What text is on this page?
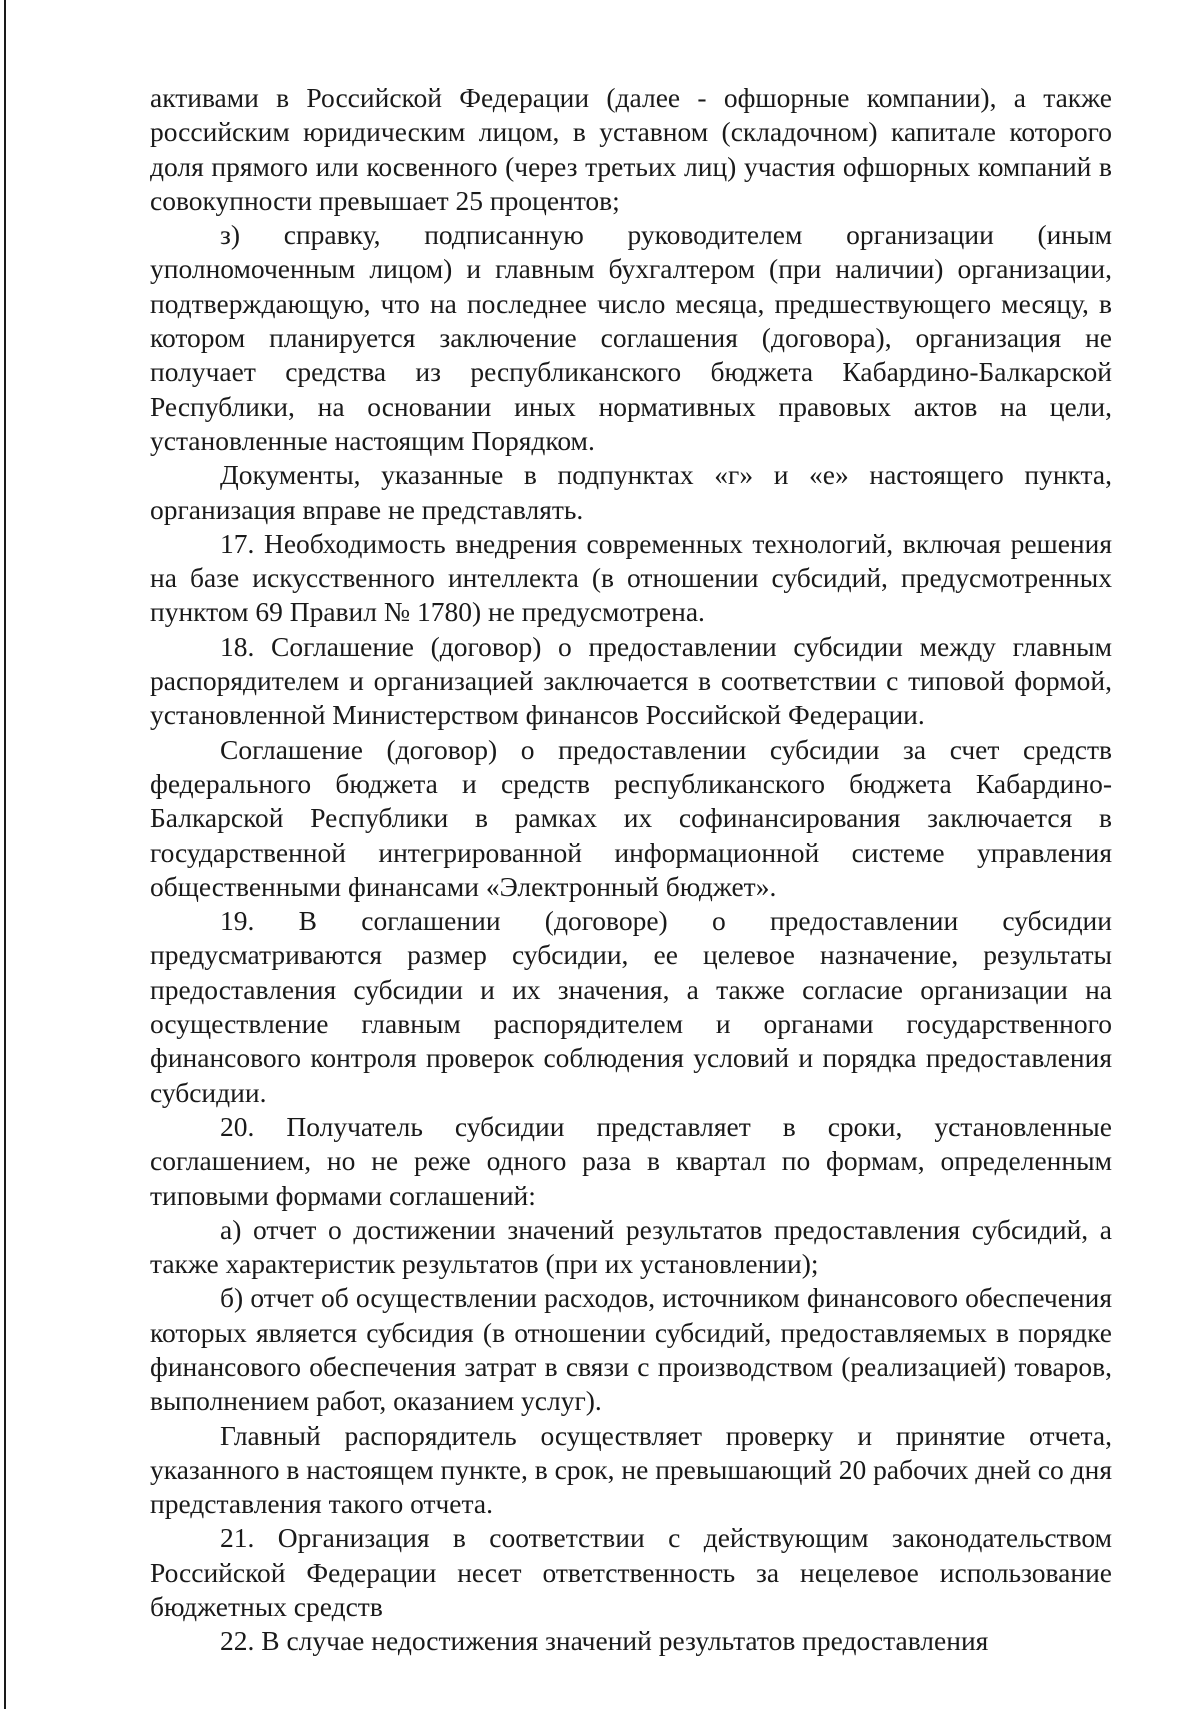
активами в Российской Федерации (далее - офшорные компании), а также российским юридическим лицом, в уставном (складочном) капитале которого доля прямого или косвенного (через третьих лиц) участия офшорных компаний в совокупности превышает 25 процентов;

з) справку, подписанную руководителем организации (иным уполномоченным лицом) и главным бухгалтером (при наличии) организации, подтверждающую, что на последнее число месяца, предшествующего месяцу, в котором планируется заключение соглашения (договора), организация не получает средства из республиканского бюджета Кабардино-Балкарской Республики, на основании иных нормативных правовых актов на цели, установленные настоящим Порядком.

Документы, указанные в подпунктах «г» и «е» настоящего пункта, организация вправе не представлять.

17. Необходимость внедрения современных технологий, включая решения на базе искусственного интеллекта (в отношении субсидий, предусмотренных пунктом 69 Правил № 1780) не предусмотрена.

18. Соглашение (договор) о предоставлении субсидии между главным распорядителем и организацией заключается в соответствии с типовой формой, установленной Министерством финансов Российской Федерации.

Соглашение (договор) о предоставлении субсидии за счет средств федерального бюджета и средств республиканского бюджета Кабардино-Балкарской Республики в рамках их софинансирования заключается в государственной интегрированной информационной системе управления общественными финансами «Электронный бюджет».

19. В соглашении (договоре) о предоставлении субсидии предусматриваются размер субсидии, ее целевое назначение, результаты предоставления субсидии и их значения, а также согласие организации на осуществление главным распорядителем и органами государственного финансового контроля проверок соблюдения условий и порядка предоставления субсидии.

20. Получатель субсидии представляет в сроки, установленные соглашением, но не реже одного раза в квартал по формам, определенным типовыми формами соглашений:

а) отчет о достижении значений результатов предоставления субсидий, а также характеристик результатов (при их установлении);

б) отчет об осуществлении расходов, источником финансового обеспечения которых является субсидия (в отношении субсидий, предоставляемых в порядке финансового обеспечения затрат в связи с производством (реализацией) товаров, выполнением работ, оказанием услуг).

Главный распорядитель осуществляет проверку и принятие отчета, указанного в настоящем пункте, в срок, не превышающий 20 рабочих дней со дня представления такого отчета.

21. Организация в соответствии с действующим законодательством Российской Федерации несет ответственность за нецелевое использование бюджетных средств

22. В случае недостижения значений результатов предоставления
